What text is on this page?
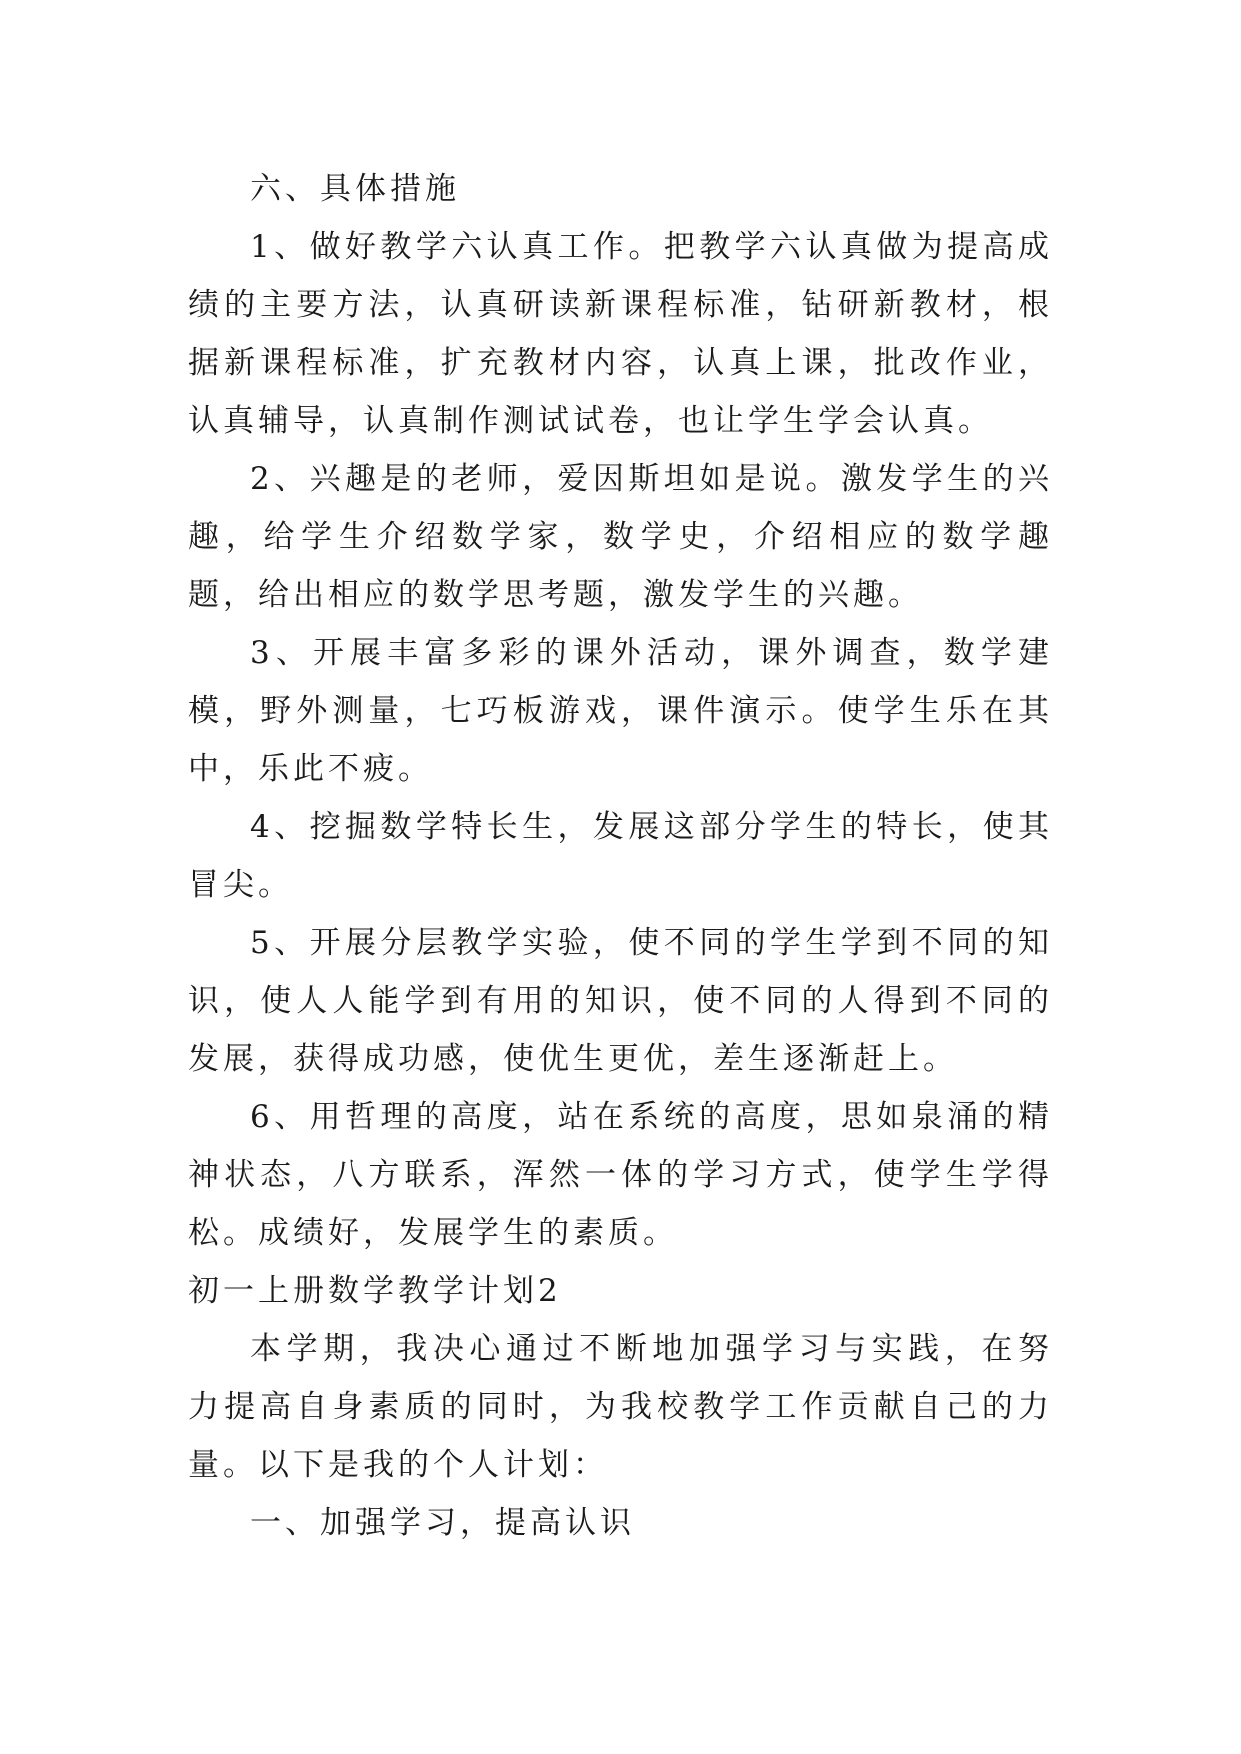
六、具体措施

1、做好教学六认真工作。把教学六认真做为提高成绩的主要方法，认真研读新课程标准，钻研新教材，根据新课程标准，扩充教材内容，认真上课，批改作业，认真辅导，认真制作测试试卷，也让学生学会认真。

2、兴趣是的老师，爱因斯坦如是说。激发学生的兴趣，给学生介绍数学家，数学史，介绍相应的数学趣题，给出相应的数学思考题，激发学生的兴趣。

3、开展丰富多彩的课外活动，课外调查，数学建模，野外测量，七巧板游戏，课件演示。使学生乐在其中，乐此不疲。

4、挖掘数学特长生，发展这部分学生的特长，使其冒尖。

5、开展分层教学实验，使不同的学生学到不同的知识，使人人能学到有用的知识，使不同的人得到不同的发展，获得成功感，使优生更优，差生逐渐赶上。

6、用哲理的高度，站在系统的高度，思如泉涌的精神状态，八方联系，浑然一体的学习方式，使学生学得松。成绩好，发展学生的素质。

初一上册数学教学计划2

本学期，我决心通过不断地加强学习与实践，在努力提高自身素质的同时，为我校教学工作贡献自己的力量。以下是我的个人计划：

一、加强学习，提高认识
